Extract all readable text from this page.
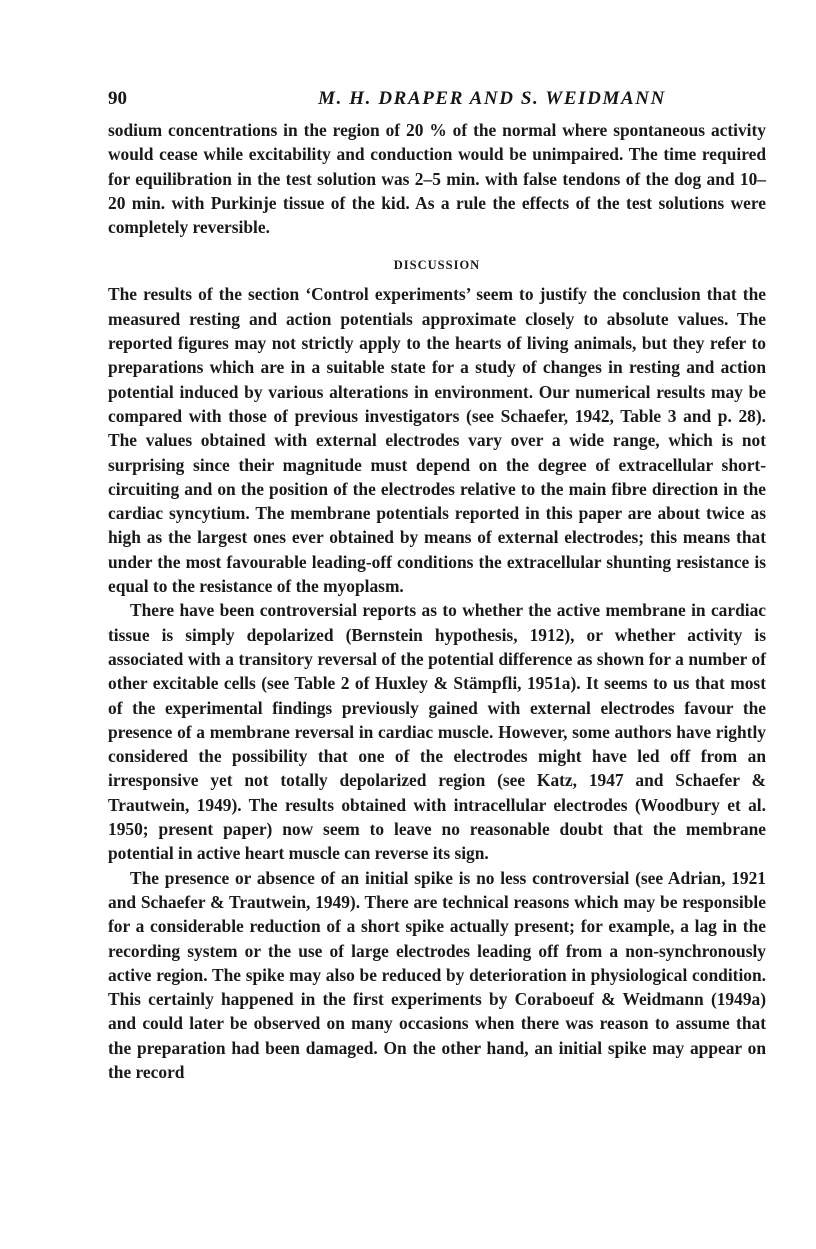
90	M. H. DRAPER AND S. WEIDMANN

sodium concentrations in the region of 20 % of the normal where spontaneous activity would cease while excitability and conduction would be unimpaired. The time required for equilibration in the test solution was 2–5 min. with false tendons of the dog and 10–20 min. with Purkinje tissue of the kid. As a rule the effects of the test solutions were completely reversible.

DISCUSSION

The results of the section ‘Control experiments’ seem to justify the conclusion that the measured resting and action potentials approximate closely to absolute values. The reported figures may not strictly apply to the hearts of living animals, but they refer to preparations which are in a suitable state for a study of changes in resting and action potential induced by various alterations in environment. Our numerical results may be compared with those of previous investigators (see Schaefer, 1942, Table 3 and p. 28). The values obtained with external electrodes vary over a wide range, which is not surprising since their magnitude must depend on the degree of extracellular short-circuiting and on the position of the electrodes relative to the main fibre direction in the cardiac syncytium. The membrane potentials reported in this paper are about twice as high as the largest ones ever obtained by means of external electrodes; this means that under the most favourable leading-off conditions the extracellular shunting resistance is equal to the resistance of the myoplasm.

There have been controversial reports as to whether the active membrane in cardiac tissue is simply depolarized (Bernstein hypothesis, 1912), or whether activity is associated with a transitory reversal of the potential difference as shown for a number of other excitable cells (see Table 2 of Huxley & Stämpfli, 1951a). It seems to us that most of the experimental findings previously gained with external electrodes favour the presence of a membrane reversal in cardiac muscle. However, some authors have rightly considered the possibility that one of the electrodes might have led off from an irresponsive yet not totally depolarized region (see Katz, 1947 and Schaefer & Trautwein, 1949). The results obtained with intracellular electrodes (Woodbury et al. 1950; present paper) now seem to leave no reasonable doubt that the membrane potential in active heart muscle can reverse its sign.

The presence or absence of an initial spike is no less controversial (see Adrian, 1921 and Schaefer & Trautwein, 1949). There are technical reasons which may be responsible for a considerable reduction of a short spike actually present; for example, a lag in the recording system or the use of large electrodes leading off from a non-synchronously active region. The spike may also be reduced by deterioration in physiological condition. This certainly happened in the first experiments by Coraboeuf & Weidmann (1949a) and could later be observed on many occasions when there was reason to assume that the preparation had been damaged. On the other hand, an initial spike may appear on the record
